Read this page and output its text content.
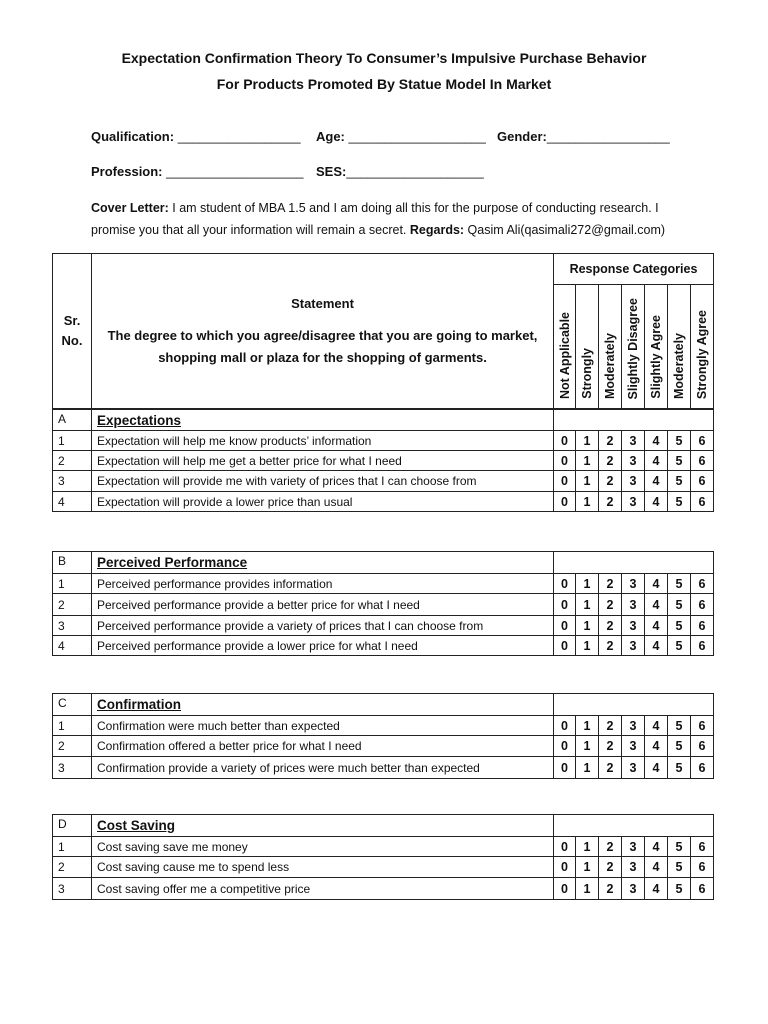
Expectation Confirmation Theory To Consumer’s Impulsive Purchase Behavior
For Products Promoted By Statue Model In Market
Qualification: _________________ Age: ___________________ Gender:_________________
Profession: ___________________ SES:___________________
Cover Letter: I am student of MBA 1.5 and I am doing all this for the purpose of conducting research. I promise you that all your information will remain a secret. Regards: Qasim Ali(qasimali272@gmail.com)
Sr. No.	Statement
The degree to which you agree/disagree that you are going to market, shopping mall or plaza for the shopping of garments.	Response Categories						
		Not Applicable	Strongly	Moderately	Slightly Disagree	Slightly Agree	Moderately	Strongly Agree
A	Expectations							
1	Expectation will help me know products’ information	0	1	2	3	4	5	6
2	Expectation will help me get a better price for what I need	0	1	2	3	4	5	6
3	Expectation will provide me with variety of prices that I can choose from	0	1	2	3	4	5	6
4	Expectation will provide a lower price than usual	0	1	2	3	4	5	6
B	Perceived Performance							
1	Perceived performance provides information	0	1	2	3	4	5	6
2	Perceived performance provide a better price for what I need	0	1	2	3	4	5	6
3	Perceived performance provide a variety of prices that I can choose from	0	1	2	3	4	5	6
4	Perceived performance provide a lower price for what I need	0	1	2	3	4	5	6
C	Confirmation							
1	Confirmation were much better than expected	0	1	2	3	4	5	6
2	Confirmation offered a better price for what I need	0	1	2	3	4	5	6
3	Confirmation provide a variety of prices were much better than expected	0	1	2	3	4	5	6
D	Cost Saving							
1	Cost saving save me money	0	1	2	3	4	5	6
2	Cost saving cause me to spend less	0	1	2	3	4	5	6
3	Cost saving offer me a competitive price	0	1	2	3	4	5	6
